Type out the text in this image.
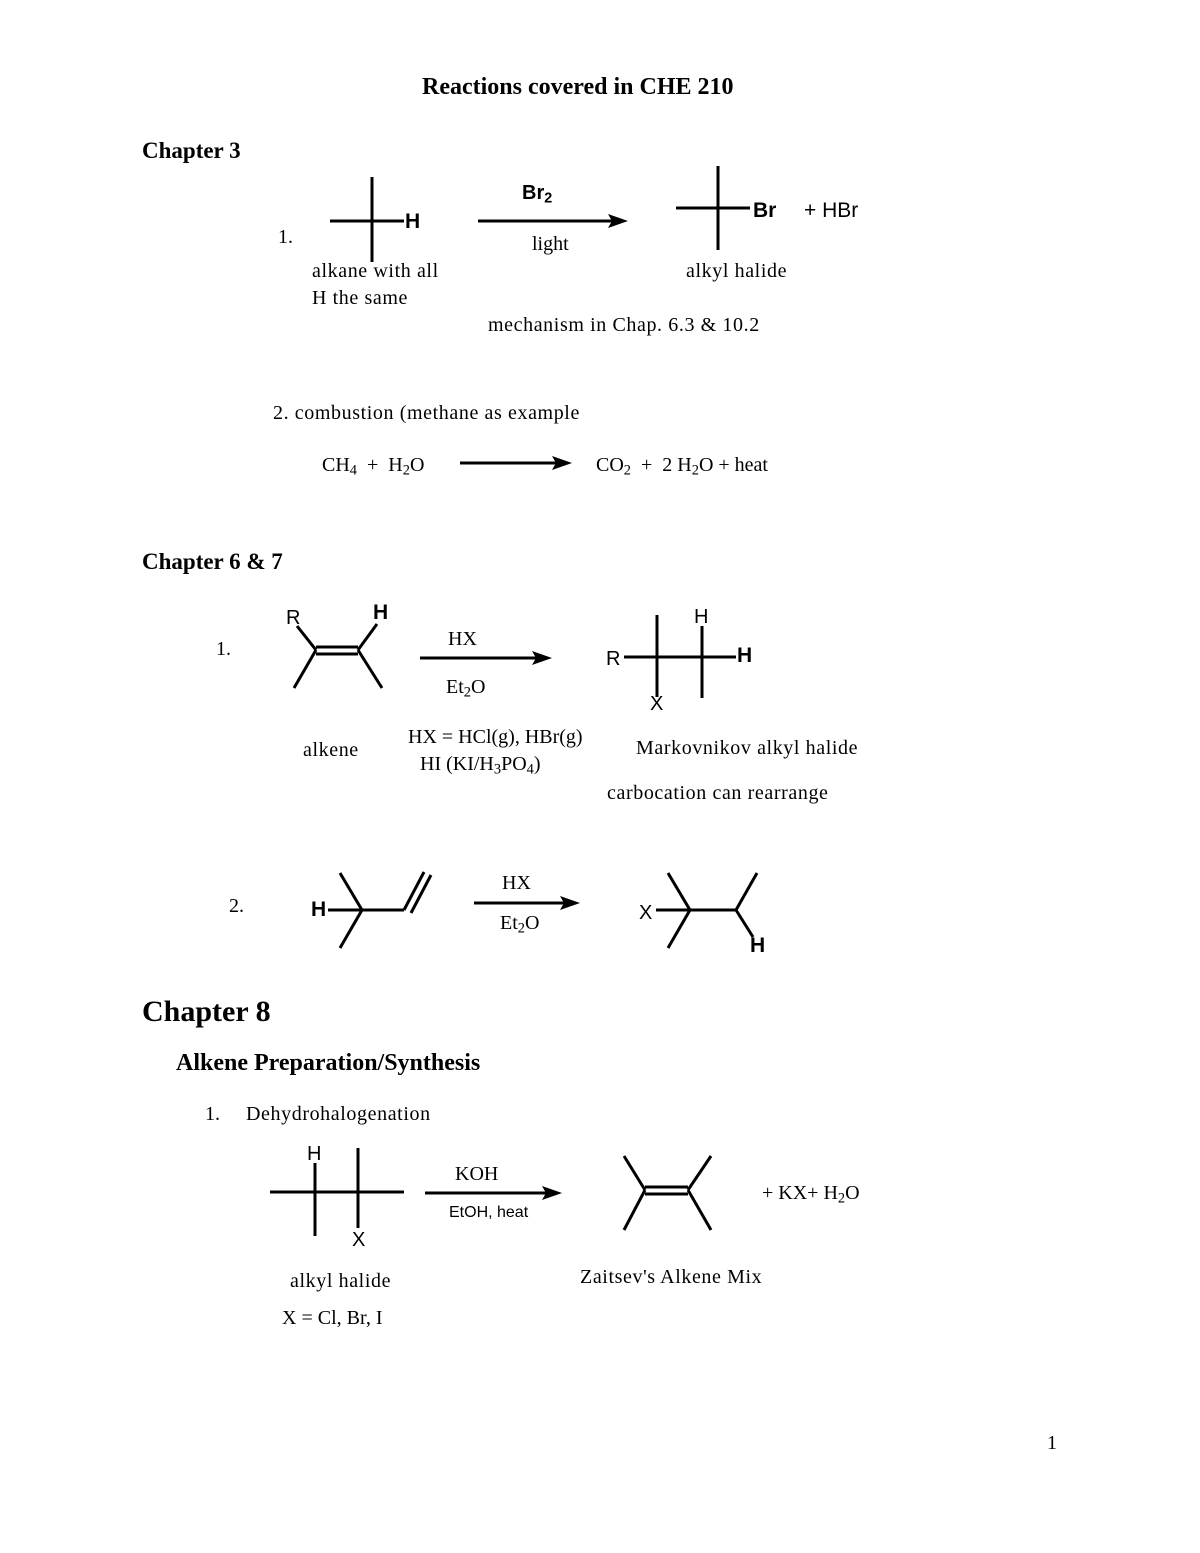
Reactions covered in CHE 210
Chapter 3
1.
H
$Br_2$
light
Br + HBr
alkane with all
H the same
alkyl halide
mechanism in Chap. 6.3 & 10.2
2. combustion (methane as example
$CH_4 + H_2O$	$CO_2 + 2$ $H_2O$ + heat
Chapter 6 & 7
1.
R	H
HX
$Et_2O$
H
R	H
X
alkene
HX = HCl(g), HBr(g)
HI $(KI/H_3PO_4)$
Markovnikov alkyl halide
carbocation can rearrange
2.	H
HX
$Et_2O$	X
H
Chapter 8
Alkene Preparation/Synthesis
1. Dehydrohalogenation
H
X
KOH
EtOH, heat
+ $KX+ H_2O$
alkyl halide
X = Cl, Br, I
Zaitsev's Alkene Mix
1
